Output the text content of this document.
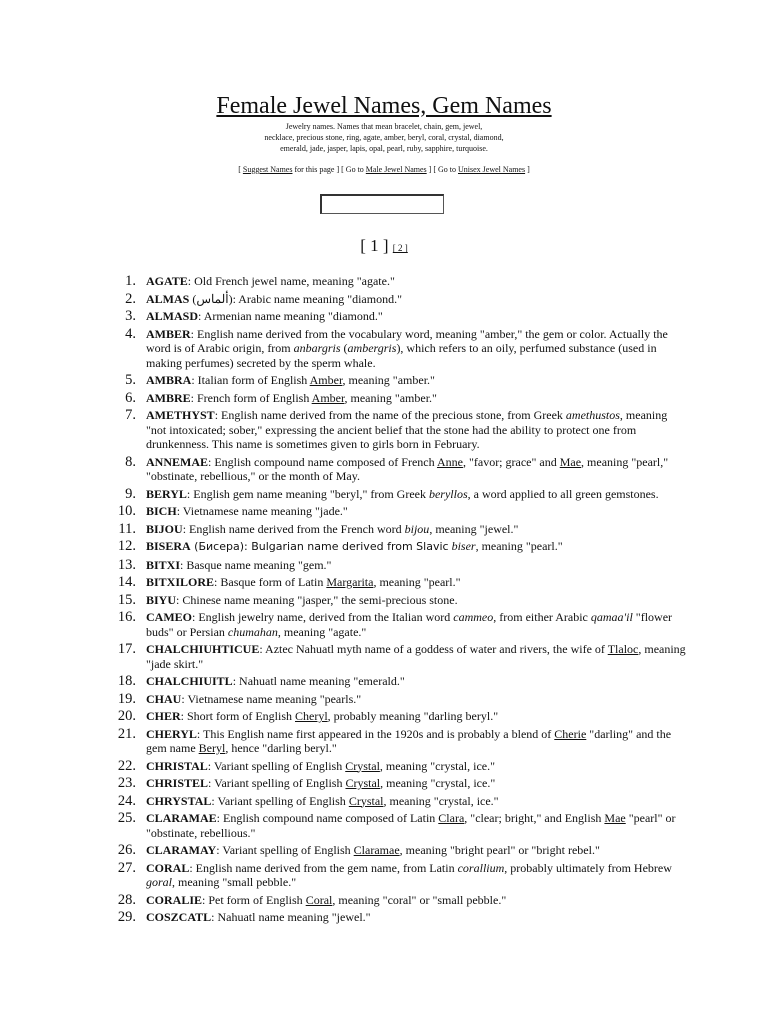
Female Jewel Names, Gem Names
Jewelry names. Names that mean bracelet, chain, gem, jewel,
necklace, precious stone, ring, agate, amber, beryl, coral, crystal, diamond,
emerald, jade, jasper, lapis, opal, pearl, ruby, sapphire, turquoise.
[ Suggest Names for this page ] [ Go to Male Jewel Names ] [ Go to Unisex Jewel Names ]
[ 1 ] [ 2 ]
1. AGATE: Old French jewel name, meaning "agate."
2. ALMAS (ألماس): Arabic name meaning "diamond."
3. ALMASD: Armenian name meaning "diamond."
4. AMBER: English name derived from the vocabulary word, meaning "amber," the gem or color. Actually the word is of Arabic origin, from anbargris (ambergris), which refers to an oily, perfumed substance (used in making perfumes) secreted by the sperm whale.
5. AMBRA: Italian form of English Amber, meaning "amber."
6. AMBRE: French form of English Amber, meaning "amber."
7. AMETHYST: English name derived from the name of the precious stone, from Greek amethustos, meaning "not intoxicated; sober," expressing the ancient belief that the stone had the ability to protect one from drunkenness. This name is sometimes given to girls born in February.
8. ANNEMAE: English compound name composed of French Anne, "favor; grace" and Mae, meaning "pearl," "obstinate, rebellious," or the month of May.
9. BERYL: English gem name meaning "beryl," from Greek beryllos, a word applied to all green gemstones.
10. BICH: Vietnamese name meaning "jade."
11. BIJOU: English name derived from the French word bijou, meaning "jewel."
12. BISERA (Бисера): Bulgarian name derived from Slavic biser, meaning "pearl."
13. BITXI: Basque name meaning "gem."
14. BITXILORE: Basque form of Latin Margarita, meaning "pearl."
15. BIYU: Chinese name meaning "jasper," the semi-precious stone.
16. CAMEO: English jewelry name, derived from the Italian word cammeo, from either Arabic qamaa'il "flower buds" or Persian chumahan, meaning "agate."
17. CHALCHIUHTICUE: Aztec Nahuatl myth name of a goddess of water and rivers, the wife of Tlaloc, meaning "jade skirt."
18. CHALCHIUITL: Nahuatl name meaning "emerald."
19. CHAU: Vietnamese name meaning "pearls."
20. CHER: Short form of English Cheryl, probably meaning "darling beryl."
21. CHERYL: This English name first appeared in the 1920s and is probably a blend of Cherie "darling" and the gem name Beryl, hence "darling beryl."
22. CHRISTAL: Variant spelling of English Crystal, meaning "crystal, ice."
23. CHRISTEL: Variant spelling of English Crystal, meaning "crystal, ice."
24. CHRYSTAL: Variant spelling of English Crystal, meaning "crystal, ice."
25. CLARAMAE: English compound name composed of Latin Clara, "clear; bright," and English Mae "pearl" or "obstinate, rebellious."
26. CLARAMAY: Variant spelling of English Claramae, meaning "bright pearl" or "bright rebel."
27. CORAL: English name derived from the gem name, from Latin corallium, probably ultimately from Hebrew goral, meaning "small pebble."
28. CORALIE: Pet form of English Coral, meaning "coral" or "small pebble."
29. COSZCATL: Nahuatl name meaning "jewel."
